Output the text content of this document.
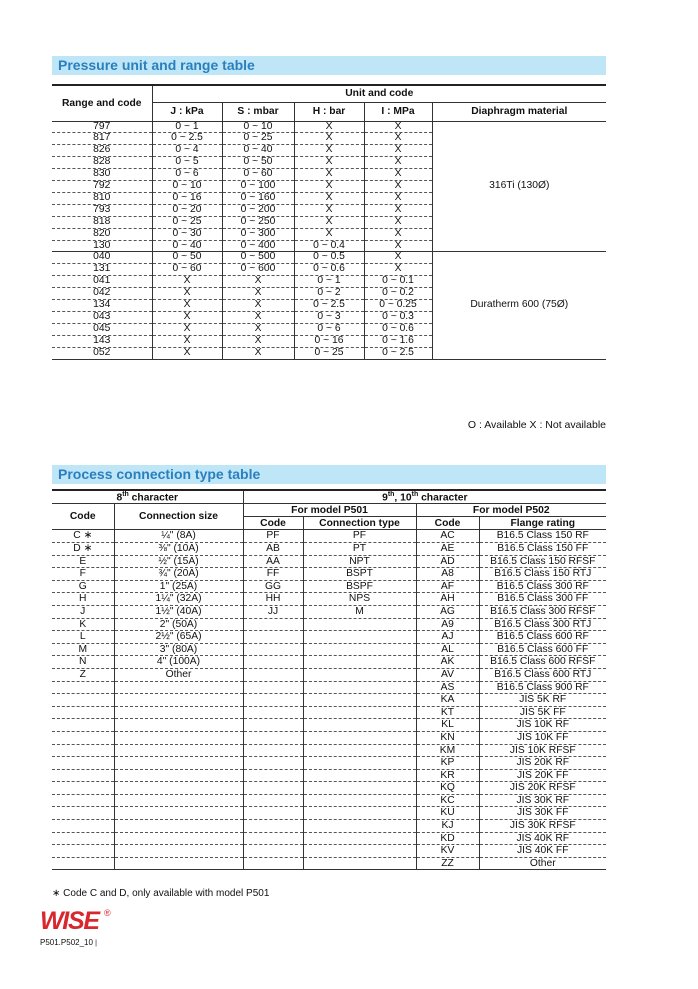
Pressure unit and range table
Range and code	Unit and code				
	J : kPa	S : mbar	H : bar	I : MPa	Diaphragm material
797	0 ~ 1	0 ~ 10	X	X	316Ti (130Ø)
817	0 ~ 2.5	0 ~ 25	X	X	
826	0 ~ 4	0 ~ 40	X	X	
828	0 ~ 5	0 ~ 50	X	X	
830	0 ~ 6	0 ~ 60	X	X	
792	0 ~ 10	0 ~ 100	X	X	
810	0 ~ 16	0 ~ 160	X	X	
793	0 ~ 20	0 ~ 200	X	X	
818	0 ~ 25	0 ~ 250	X	X	
820	0 ~ 30	0 ~ 300	X	X	
130	0 ~ 40	0 ~ 400	0 ~ 0.4	X	
040	0 ~ 50	0 ~ 500	0 ~ 0.5	X	Duratherm 600 (75Ø)
131	0 ~ 60	0 ~ 600	0 ~ 0.6	X	
041	X	X	0 ~ 1	0 ~ 0.1	
042	X	X	0 ~ 2	0 ~ 0.2	
134	X	X	0 ~ 2.5	0 ~ 0.25	
043	X	X	0 ~ 3	0 ~ 0.3	
045	X	X	0 ~ 6	0 ~ 0.6	
143	X	X	0 ~ 16	0 ~ 1.6	
052	X	X	0 ~ 25	0 ~ 2.5	
O : Available X : Not available
Process connection type table
8th character		9th, 10th character			
Code	Connection size	For model P501		For model P502	
		Code	Connection type	Code	Flange rating
C ∗	¼" (8A)	PF	PF	AC	B16.5 Class 150 RF
D ∗	⅜" (10A)	AB	PT	AE	B16.5 Class 150 FF
E	½" (15A)	AA	NPT	AD	B16.5 Class 150 RFSF
F	¾" (20A)	FF	BSPT	A8	B16.5 Class 150 RTJ
G	1" (25A)	GG	BSPF	AF	B16.5 Class 300 RF
H	1¼" (32A)	HH	NPS	AH	B16.5 Class 300 FF
J	1½" (40A)	JJ	M	AG	B16.5 Class 300 RFSF
K	2" (50A)			A9	B16.5 Class 300 RTJ
L	2½" (65A)			AJ	B16.5 Class 600 RF
M	3" (80A)			AL	B16.5 Class 600 FF
N	4" (100A)			AK	B16.5 Class 600 RFSF
Z	Other			AV	B16.5 Class 600 RTJ
				AS	B16.5 Class 900 RF
				KA	JIS 5K RF
				KT	JIS 5K FF
				KL	JIS 10K RF
				KN	JIS 10K FF
				KM	JIS 10K RFSF
				KP	JIS 20K RF
				KR	JIS 20K FF
				KQ	JIS 20K RFSF
				KC	JIS 30K RF
				KU	JIS 30K FF
				KJ	JIS 30K RFSF
				KD	JIS 40K RF
				KV	JIS 40K FF
				ZZ	Other
∗ Code C and D, only available with model P501
WISE ®
P501.P502_10 |
